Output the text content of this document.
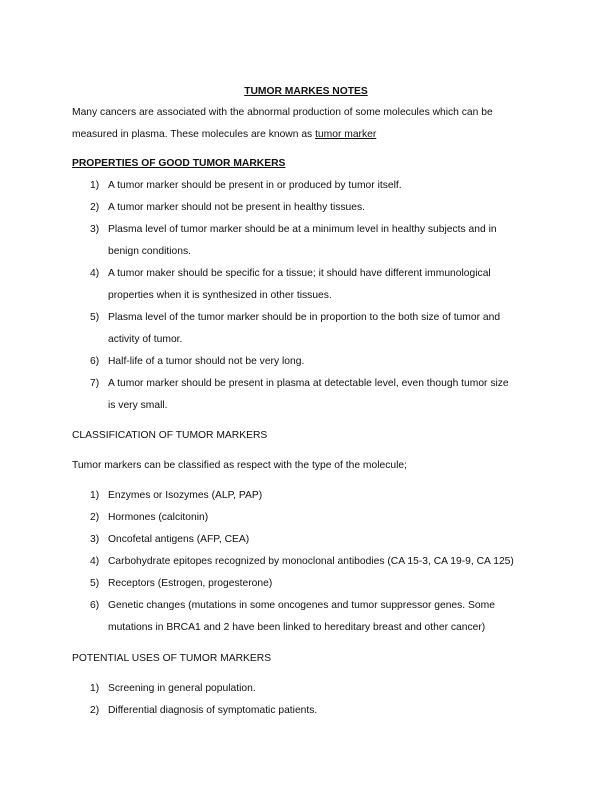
TUMOR MARKES NOTES
Many cancers are associated with the abnormal production of some molecules which can be
measured in plasma. These molecules are known as tumor marker
PROPERTIES OF GOOD TUMOR MARKERS
1) A tumor marker should be present in or produced by tumor itself.
2) A tumor marker should not be present in healthy tissues.
3) Plasma level of tumor marker should be at a minimum level in healthy subjects and in
benign conditions.
4) A tumor maker should be specific for a tissue; it should have different immunological
properties when it is synthesized in other tissues.
5) Plasma level of the tumor marker should be in proportion to the both size of tumor and
activity of tumor.
6) Half-life of a tumor should not be very long.
7) A tumor marker should be present in plasma at detectable level, even though tumor size
is very small.
CLASSIFICATION OF TUMOR MARKERS
Tumor markers can be classified as respect with the type of the molecule;
1) Enzymes or Isozymes (ALP, PAP)
2) Hormones (calcitonin)
3) Oncofetal antigens (AFP, CEA)
4) Carbohydrate epitopes recognized by monoclonal antibodies (CA 15-3, CA 19-9, CA 125)
5) Receptors (Estrogen, progesterone)
6) Genetic changes (mutations in some oncogenes and tumor suppressor genes. Some
mutations in BRCA1 and 2 have been linked to hereditary breast and other cancer)
POTENTIAL USES OF TUMOR MARKERS
1) Screening in general population.
2) Differential diagnosis of symptomatic patients.
